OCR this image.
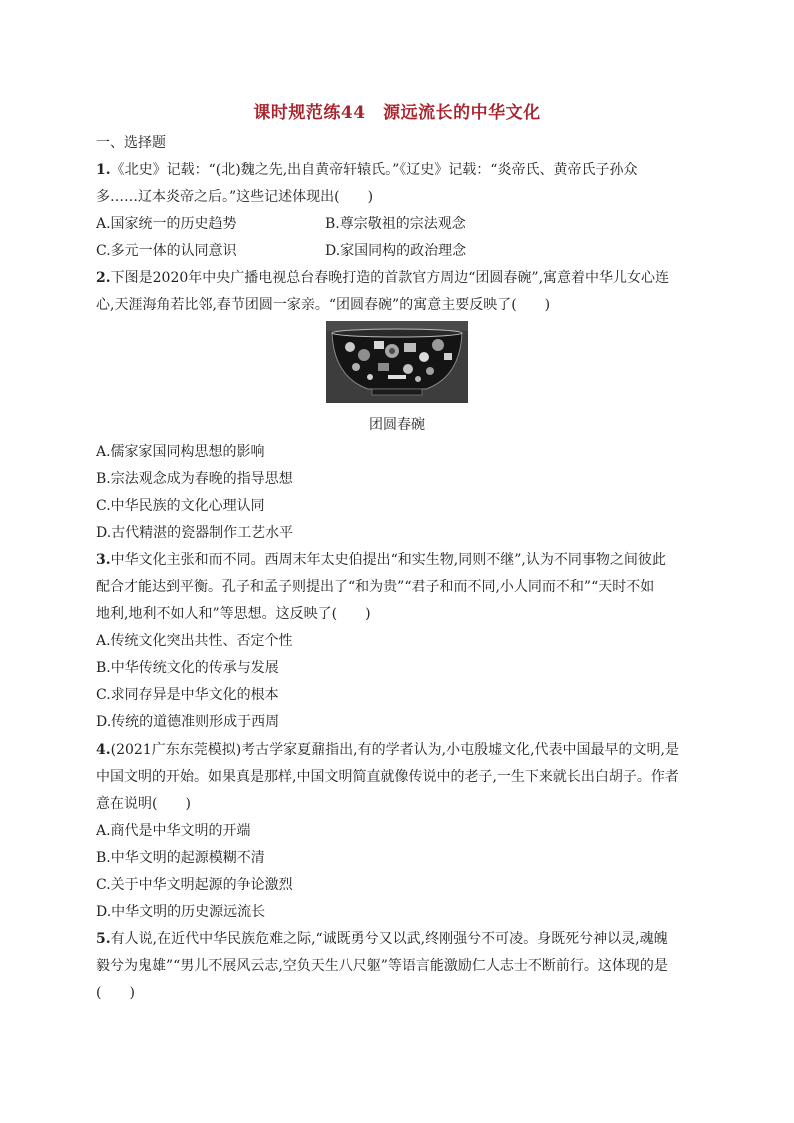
课时规范练44　源远流长的中华文化
一、选择题
1.《北史》记载：“(北)魏之先,出自黄帝轩辕氏。”《辽史》记载：“炎帝氏、黄帝氏子孙众
多……辽本炎帝之后。”这些记述体现出(　　)
A.国家统一的历史趋势	B.尊宗敬祖的宗法观念
C.多元一体的认同意识	D.家国同构的政治理念
2.下图是2020年中央广播电视总台春晚打造的首款官方周边“团圆春碗”,寓意着中华儿女心连
心,天涯海角若比邻,春节团圆一家亲。“团圆春碗”的寓意主要反映了(　　)
团圆春碗
A.儒家家国同构思想的影响
B.宗法观念成为春晚的指导思想
C.中华民族的文化心理认同
D.古代精湛的瓷器制作工艺水平
3.中华文化主张和而不同。西周末年太史伯提出“和实生物,同则不继”,认为不同事物之间彼此
配合才能达到平衡。孔子和孟子则提出了“和为贵”“君子和而不同,小人同而不和”“天时不如
地利,地利不如人和”等思想。这反映了(　　)
A.传统文化突出共性、否定个性
B.中华传统文化的传承与发展
C.求同存异是中华文化的根本
D.传统的道德准则形成于西周
4.(2021广东东莞模拟)考古学家夏鼐指出,有的学者认为,小屯殷墟文化,代表中国最早的文明,是
中国文明的开始。如果真是那样,中国文明简直就像传说中的老子,一生下来就长出白胡子。作者
意在说明(　　)
A.商代是中华文明的开端
B.中华文明的起源模糊不清
C.关于中华文明起源的争论激烈
D.中华文明的历史源远流长
5.有人说,在近代中华民族危难之际,“诚既勇兮又以武,终刚强兮不可凌。身既死兮神以灵,魂魄
毅兮为鬼雄”“男儿不展风云志,空负天生八尺躯”等语言能激励仁人志士不断前行。这体现的是
(　　)
